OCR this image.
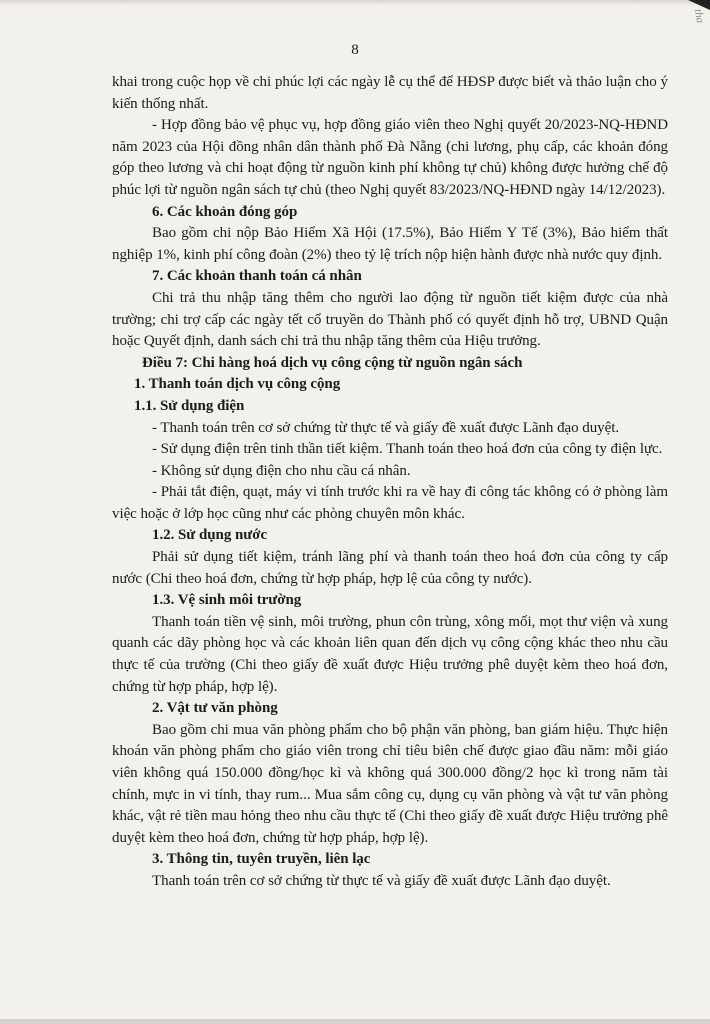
tha
8

khai trong cuộc họp về chi phúc lợi các ngày lễ cụ thể để HĐSP được biết và thảo luận cho ý kiến thống nhất.

- Hợp đồng bảo vệ phục vụ, hợp đồng giáo viên theo Nghị quyết 20/2023-NQ-HĐND năm 2023 của Hội đồng nhân dân thành phố Đà Nẵng (chi lương, phụ cấp, các khoản đóng góp theo lương và chi hoạt động từ nguồn kinh phí không tự chủ) không được hưởng chế độ phúc lợi từ nguồn ngân sách tự chủ (theo Nghị quyết 83/2023/NQ-HĐND ngày 14/12/2023).

6. Các khoản đóng góp

Bao gồm chi nộp Bảo Hiểm Xã Hội (17.5%), Bảo Hiểm Y Tế (3%), Bảo hiểm thất nghiệp 1%, kinh phí công đoàn (2%) theo tỷ lệ trích nộp hiện hành được nhà nước quy định.

7. Các khoản thanh toán cá nhân

Chi trả thu nhập tăng thêm cho người lao động từ nguồn tiết kiệm được của nhà trường; chi trợ cấp các ngày tết cổ truyền do Thành phố có quyết định hỗ trợ, UBND Quận hoặc Quyết định, danh sách chi trả thu nhập tăng thêm của Hiệu trưởng.

Điều 7: Chi hàng hoá dịch vụ công cộng từ nguồn ngân sách

1. Thanh toán dịch vụ công cộng

1.1. Sử dụng điện

- Thanh toán trên cơ sở chứng từ thực tế và giấy đề xuất được Lãnh đạo duyệt.

- Sử dụng điện trên tinh thần tiết kiệm. Thanh toán theo hoá đơn của công ty điện lực.

- Không sử dụng điện cho nhu cầu cá nhân.

- Phải tắt điện, quạt, máy vi tính trước khi ra về hay đi công tác không có ở phòng làm việc hoặc ở lớp học cũng như các phòng chuyên môn khác.

1.2. Sử dụng nước

Phải sử dụng tiết kiệm, tránh lãng phí và thanh toán theo hoá đơn của công ty cấp nước (Chi theo hoá đơn, chứng từ hợp pháp, hợp lệ của công ty nước).

1.3. Vệ sinh môi trường

Thanh toán tiền vệ sinh, môi trường, phun côn trùng, xông mối, mọt thư viện và xung quanh các dãy phòng học và các khoản liên quan đến dịch vụ công cộng khác theo nhu cầu thực tế của trường (Chi theo giấy đề xuất được Hiệu trưởng phê duyệt kèm theo hoá đơn, chứng từ hợp pháp, hợp lệ).

2. Vật tư văn phòng

Bao gồm chi mua văn phòng phẩm cho bộ phận văn phòng, ban giám hiệu. Thực hiện khoán văn phòng phẩm cho giáo viên trong chỉ tiêu biên chế được giao đầu năm: mỗi giáo viên không quá 150.000 đồng/học kì và không quá 300.000 đồng/2 học kì trong năm tài chính, mực in vi tính, thay rum... Mua sắm công cụ, dụng cụ văn phòng và vật tư văn phòng khác, vật rẻ tiền mau hỏng theo nhu cầu thực tế (Chi theo giấy đề xuất được Hiệu trưởng phê duyệt kèm theo hoá đơn, chứng từ hợp pháp, hợp lệ).

3. Thông tin, tuyên truyền, liên lạc

Thanh toán trên cơ sở chứng từ thực tế và giấy đề xuất được Lãnh đạo duyệt.
